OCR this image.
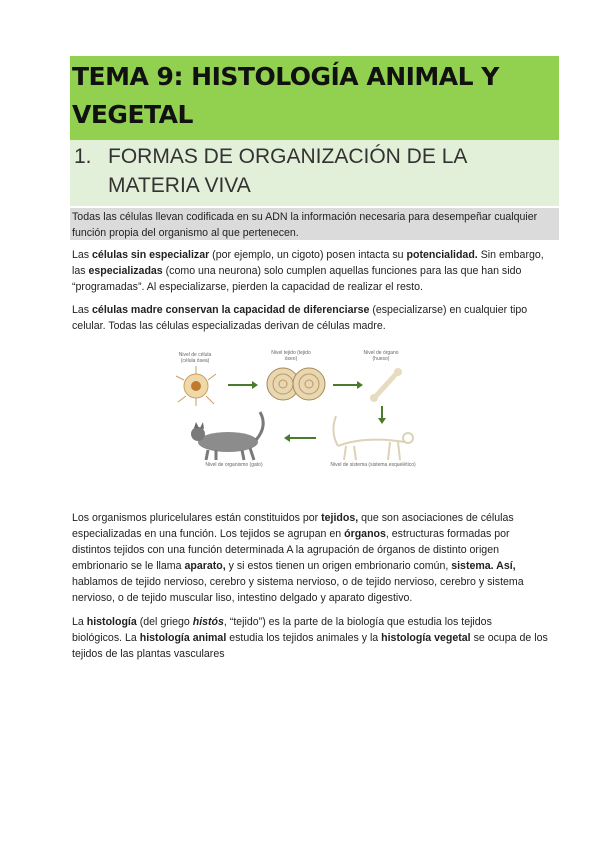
TEMA 9: HISTOLOGÍA ANIMAL Y
VEGETAL
1. FORMAS DE ORGANIZACIÓN DE LA
MATERIA VIVA
Todas las células llevan codificada en su ADN la información necesaria para desempeñar cualquier
función propia del organismo al que pertenecen.
Las células sin especializar (por ejemplo, un cigoto) posen intacta su potencialidad. Sin embargo,
las especializadas (como una neurona) solo cumplen aquellas funciones para las que han sido
“programadas”. Al especializarse, pierden la capacidad de realizar el resto.
Las células madre conservan la capacidad de diferenciarse (especializarse) en cualquier tipo
celular. Todas las células especializadas derivan de células madre.
Nivel de célula (célula ósea)
Nivel tejido (tejido óseo)
Nivel de órgano (hueso)
Nivel de organismo (gato)	Nivel de sistema (sistema esquelético)
Los organismos pluricelulares están constituidos por tejidos, que son asociaciones de células
especializadas en una función. Los tejidos se agrupan en órganos, estructuras formadas por
distintos tejidos con una función determinada A la agrupación de órganos de distinto origen
embrionario se le llama aparato, y si estos tienen un origen embrionario común, sistema. Así,
hablamos de tejido nervioso, cerebro y sistema nervioso, o de tejido nervioso, cerebro y sistema
nervioso, o de tejido muscular liso, intestino delgado y aparato digestivo.
La histología (del griego histós, “tejido”) es la parte de la biología que estudia los tejidos
biológicos. La histología animal estudia los tejidos animales y la histología vegetal se ocupa de los
tejidos de las plantas vasculares
